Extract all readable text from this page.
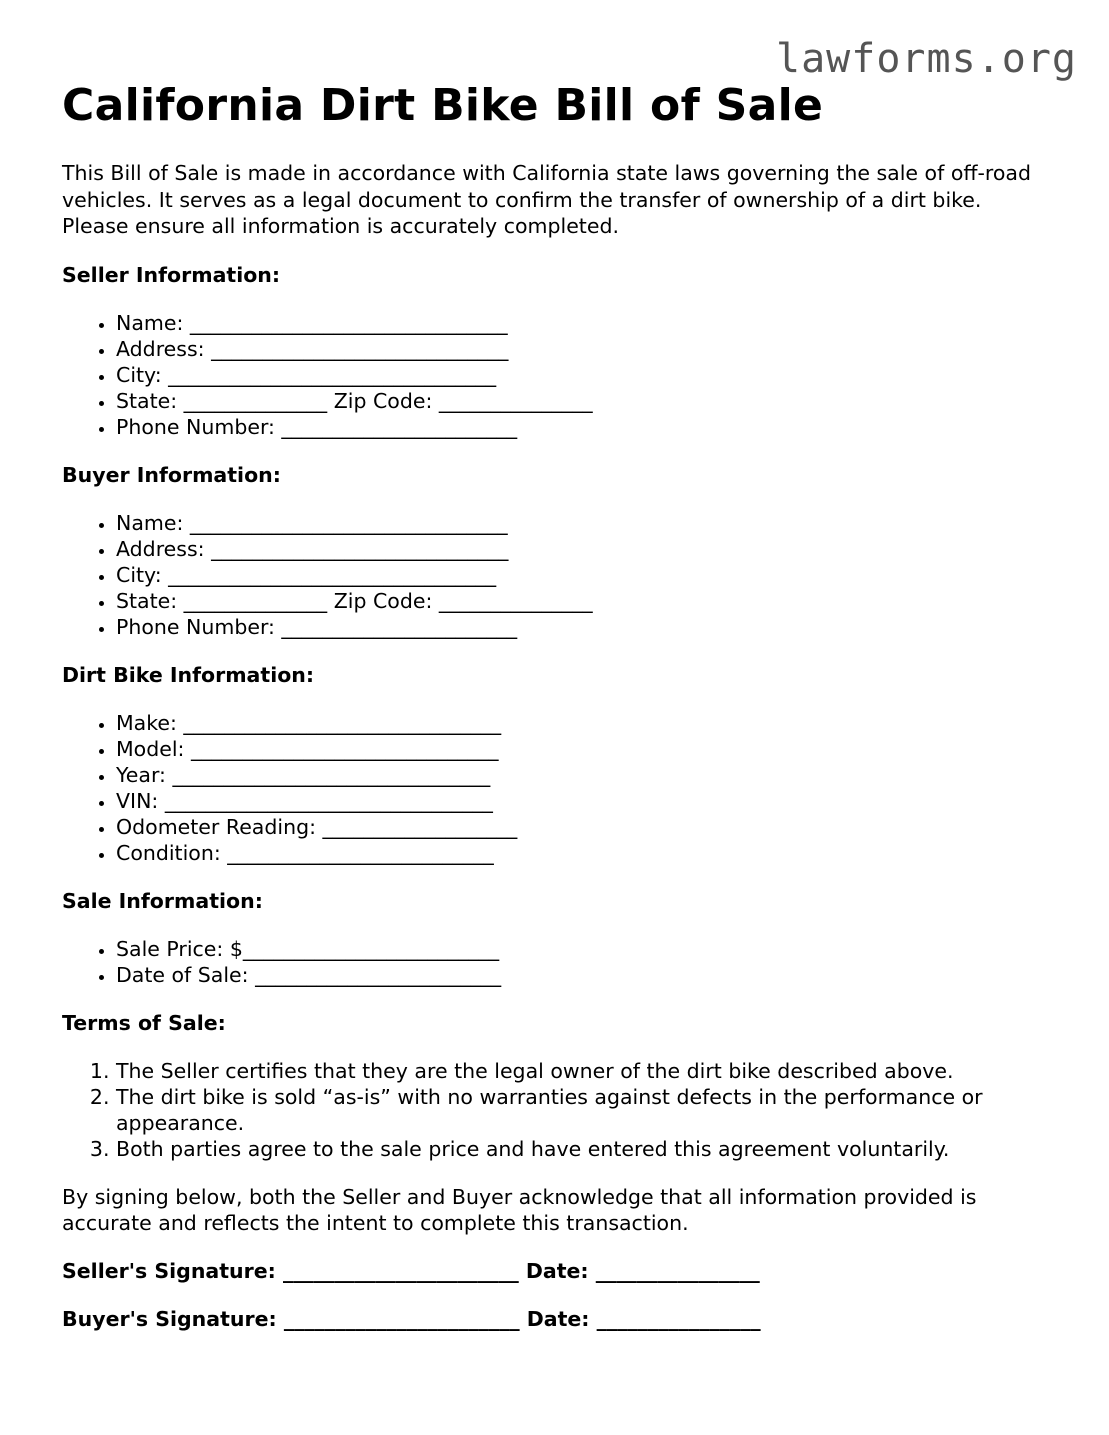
lawforms.org
California Dirt Bike Bill of Sale

This Bill of Sale is made in accordance with California state laws governing the sale of off-road vehicles. It serves as a legal document to confirm the transfer of ownership of a dirt bike. Please ensure all information is accurately completed.

Seller Information:

• Name: _______________________________
• Address: _____________________________
• City: ________________________________
• State: ______________ Zip Code: _______________
• Phone Number: _______________________

Buyer Information:

• Name: _______________________________
• Address: _____________________________
• City: ________________________________
• State: ______________ Zip Code: _______________
• Phone Number: _______________________

Dirt Bike Information:

• Make: _______________________________
• Model: ______________________________
• Year: _______________________________
• VIN: ________________________________
• Odometer Reading: ___________________
• Condition: __________________________

Sale Information:

• Sale Price: $_________________________
• Date of Sale: ________________________

Terms of Sale:

1. The Seller certifies that they are the legal owner of the dirt bike described above.
2. The dirt bike is sold “as-is” with no warranties against defects in the performance or appearance.
3. Both parties agree to the sale price and have entered this agreement voluntarily.

By signing below, both the Seller and Buyer acknowledge that all information provided is accurate and reflects the intent to complete this transaction.

Seller's Signature: _______________________ Date: ________________

Buyer's Signature: _______________________ Date: ________________
